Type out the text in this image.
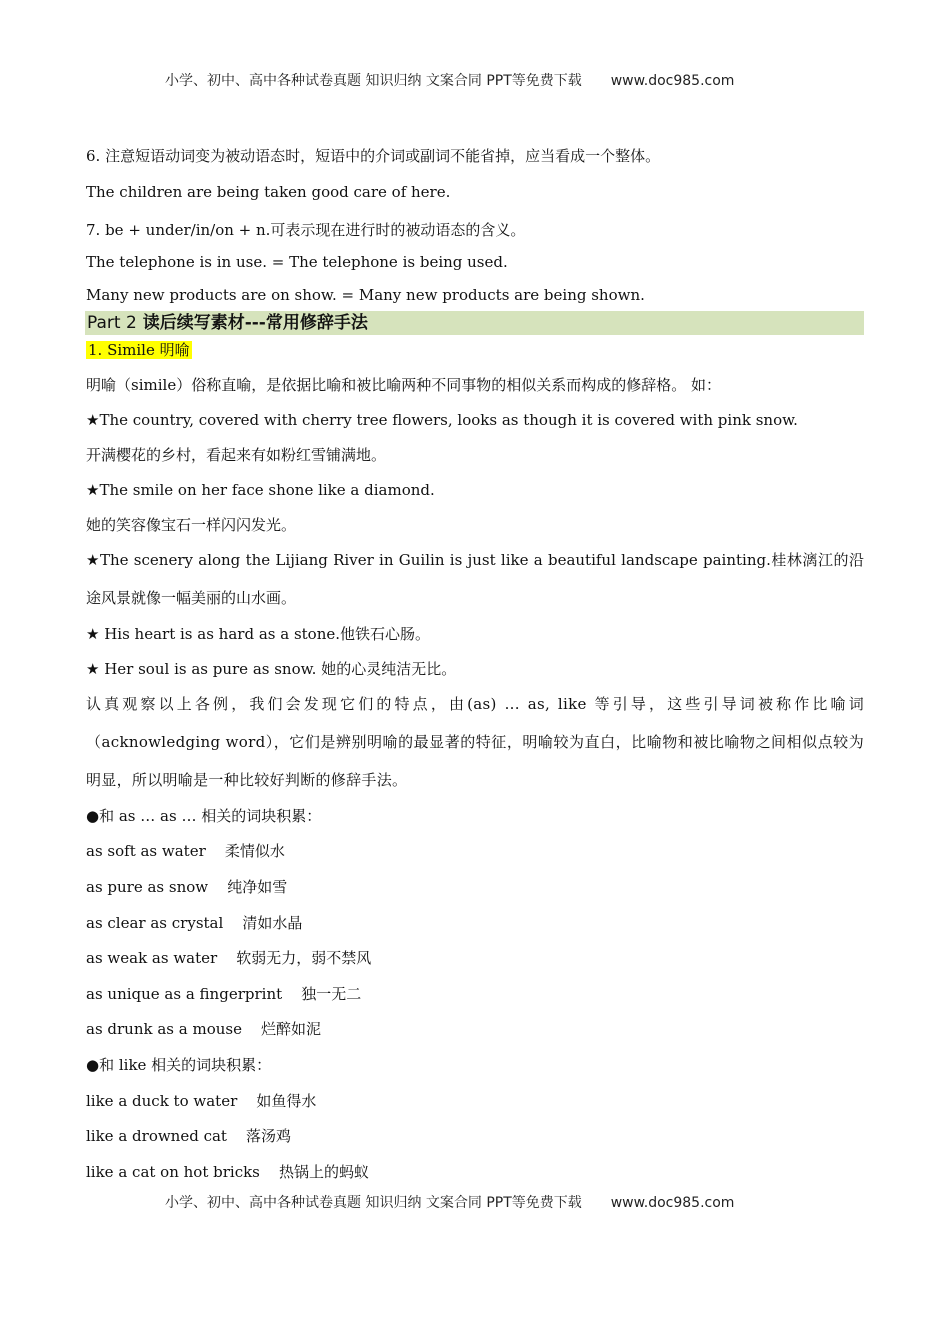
小学、初中、高中各种试卷真题 知识归纳 文案合同 PPT等免费下载 www.doc985.com
6. 注意短语动词变为被动语态时，短语中的介词或副词不能省掉，应当看成一个整体。
The children are being taken good care of here.
7. be + under/in/on + n.可表示现在进行时的被动语态的含义。
The telephone is in use. = The telephone is being used.
Many new products are on show. = Many new products are being shown.
Part 2 读后续写素材---常用修辞手法
1. Simile 明喻
明喻（simile）俗称直喻，是依据比喻和被比喻两种不同事物的相似关系而构成的修辞格。 如：
★The country, covered with cherry tree flowers, looks as though it is covered with pink snow.
开满樱花的乡村，看起来有如粉红雪铺满地。
★The smile on her face shone like a diamond.
她的笑容像宝石一样闪闪发光。
★The scenery along the Lijiang River in Guilin is just like a beautiful landscape painting.桂林漓江的沿途风景就像一幅美丽的山水画。
★ His heart is as hard as a stone.他铁石心肠。
★ Her soul is as pure as snow. 她的心灵纯洁无比。
认真观察以上各例，我们会发现它们的特点，由(as) ... as, like 等引导，这些引导词被称作比喻词（acknowledging word），它们是辨别明喻的最显著的特征，明喻较为直白，比喻物和被比喻物之间相似点较为明显，所以明喻是一种比较好判断的修辞手法。
●和 as … as … 相关的词块积累：
as soft as water    柔情似水
as pure as snow    纯净如雪
as clear as crystal    清如水晶
as weak as water    软弱无力，弱不禁风
as unique as a fingerprint    独一无二
as drunk as a mouse    烂醉如泥
●和 like 相关的词块积累：
like a duck to water    如鱼得水
like a drowned cat    落汤鸡
like a cat on hot bricks    热锅上的蚂蚁
小学、初中、高中各种试卷真题 知识归纳 文案合同 PPT等免费下载 www.doc985.com
